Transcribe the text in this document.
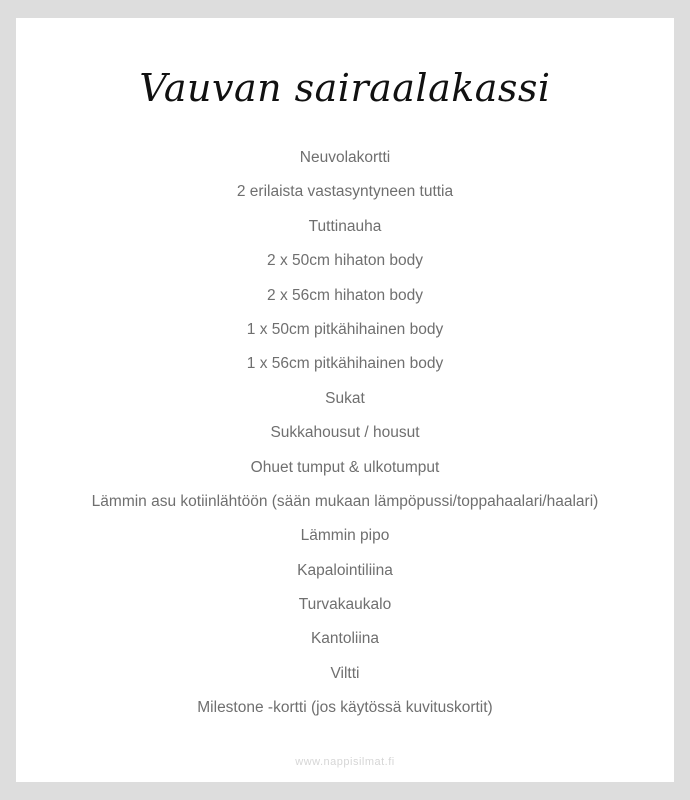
Vauvan sairaalakassi
Neuvolakortti
2 erilaista vastasyntyneen tuttia
Tuttinauha
2 x 50cm hihaton body
2 x 56cm hihaton body
1 x 50cm pitkähihainen body
1 x 56cm pitkähihainen body
Sukat
Sukkahousut / housut
Ohuet tumput & ulkotumput
Lämmin asu kotiinlähtöön (sään mukaan lämpöpussi/toppahaalari/haalari)
Lämmin pipo
Kapalointiliina
Turvakaukalo
Kantoliina
Viltti
Milestone -kortti (jos käytössä kuvituskortit)
www.nappisilmat.fi
